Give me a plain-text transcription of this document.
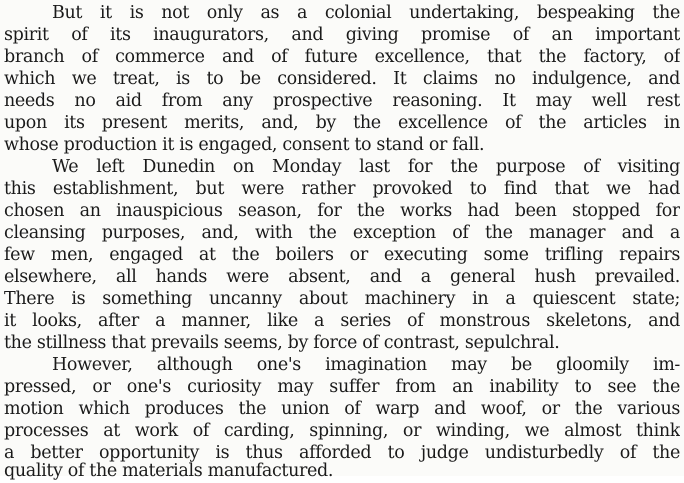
But it is not only as a colonial undertaking, bespeaking the
spirit of its inaugurators, and giving promise of an important
branch of commerce and of future excellence, that the factory, of
which we treat, is to be considered. It claims no indulgence, and
needs no aid from any prospective reasoning. It may well rest
upon its present merits, and, by the excellence of the articles in
whose production it is engaged, consent to stand or fall.
We left Dunedin on Monday last for the purpose of visiting
this establishment, but were rather provoked to find that we had
chosen an inauspicious season, for the works had been stopped for
cleansing purposes, and, with the exception of the manager and a
few men, engaged at the boilers or executing some trifling repairs
elsewhere, all hands were absent, and a general hush prevailed.
There is something uncanny about machinery in a quiescent state;
it looks, after a manner, like a series of monstrous skeletons, and
the stillness that prevails seems, by force of contrast, sepulchral.
However, although one's imagination may be gloomily im-
pressed, or one's curiosity may suffer from an inability to see the
motion which produces the union of warp and woof, or the various
processes at work of carding, spinning, or winding, we almost think
a better opportunity is thus afforded to judge undisturbedly of the
quality of the materials manufactured.
